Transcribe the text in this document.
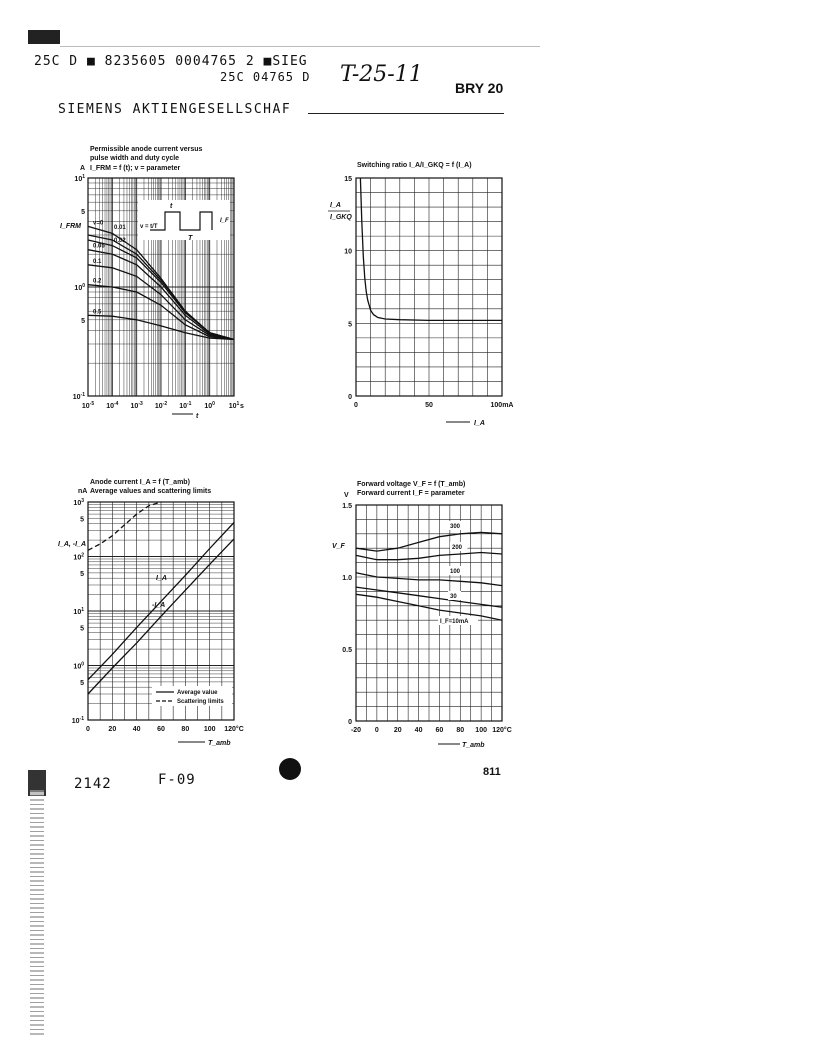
25C D ■ 8235605 0004765 2 ■SIEG
25C 04765 D T-25-11
BRY 20
SIEMENS AKTIENGESELLSCHAF
Permissible anode current versus
pulse width and duty cycle
I_FRM = f (t); v = parameter
A
I_FRM
$10^{-1}$
5
$10^0$
5
$10^1$
$10^{-5}$ $10^{-4}$ $10^{-3}$ $10^{-2}$ $10^{-1}$ $10^0$ $10^1$ s
t
v=0
0.01
0.02
0.05
0.1
0.2
0.5
t
T
v = t/T
I_F
Switching ratio I_A/I_GKQ = f (I_A)
I_A
I_GKQ
0
5
10
15
0	50	100mA
I_A
Anode current I_A = f (T_amb)
Average values and scattering limits
nA
I_A, -I_A
$10^{-1}$
5
$10^0$
5
$10^1$
5
$10^2$
5
$10^3$
0	20 40 60 80 100 120°C
T_amb
I_A
-I_A
Average value
Scattering limits
Forward voltage V_F = f (T_amb)
Forward current I_F = parameter
V
V_F
0
0.5
1.0
1.5
-20 0 20 40 60 80 100 120°C
T_amb
300
200
100
30
I_F=10mA
2142	F-09	811
